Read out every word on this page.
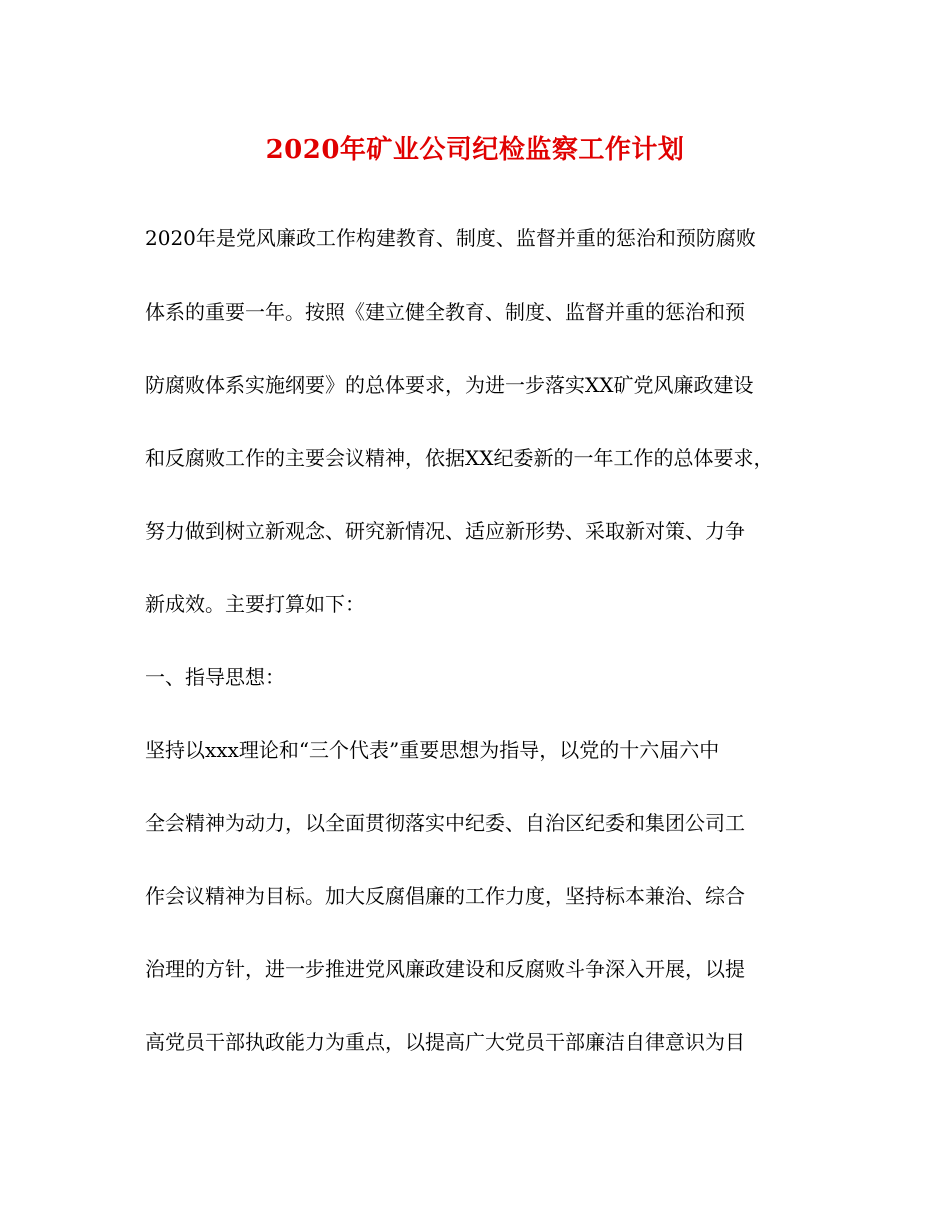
2020年矿业公司纪检监察工作计划
2020年是党风廉政工作构建教育、制度、监督并重的惩治和预防腐败
体系的重要一年。按照《建立健全教育、制度、监督并重的惩治和预
防腐败体系实施纲要》的总体要求，为进一步落实XX矿党风廉政建设
和反腐败工作的主要会议精神，依据XX纪委新的一年工作的总体要求，
努力做到树立新观念、研究新情况、适应新形势、采取新对策、力争
新成效。主要打算如下：
一、指导思想：
坚持以xxx理论和“三个代表”重要思想为指导，以党的十六届六中
全会精神为动力，以全面贯彻落实中纪委、自治区纪委和集团公司工
作会议精神为目标。加大反腐倡廉的工作力度，坚持标本兼治、综合
治理的方针，进一步推进党风廉政建设和反腐败斗争深入开展，以提
高党员干部执政能力为重点，以提高广大党员干部廉洁自律意识为目
